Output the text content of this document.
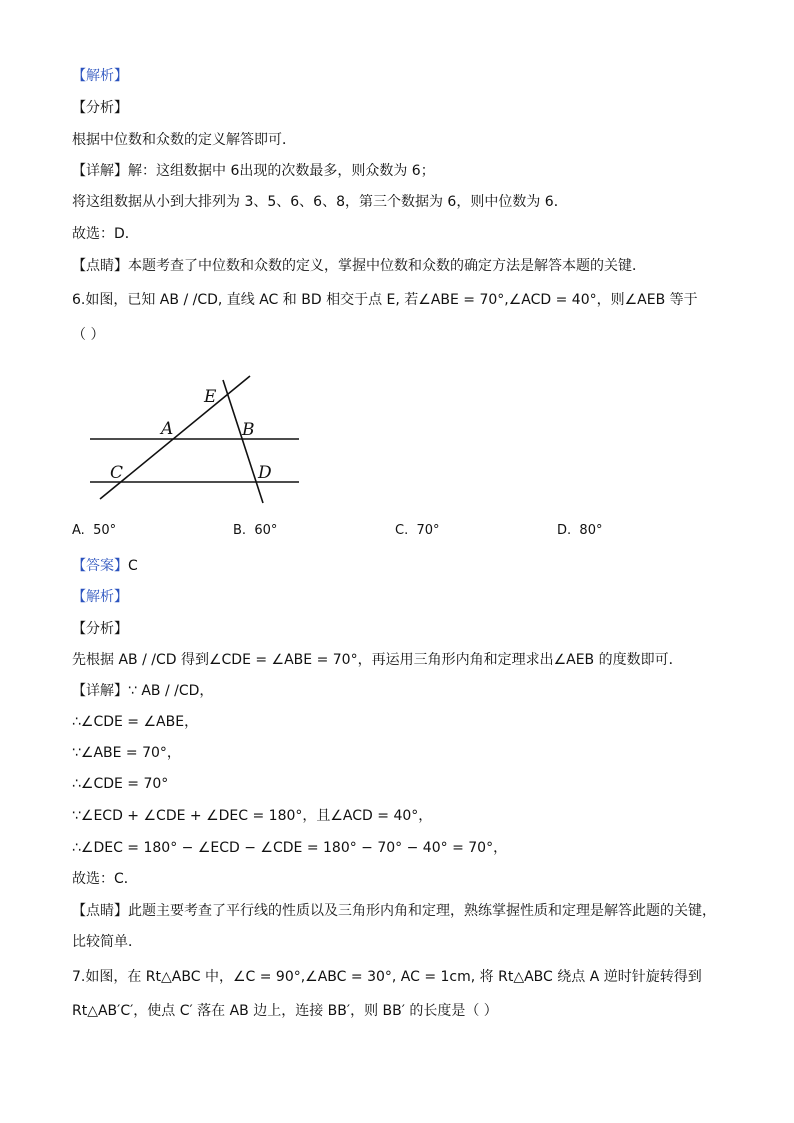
【解析】
【分析】
根据中位数和众数的定义解答即可．
【详解】解：这组数据中 6出现的次数最多，则众数为 6；
将这组数据从小到大排列为 3、5、6、6、8，第三个数据为 6，则中位数为 6．
故选：D．
【点睛】本题考查了中位数和众数的定义，掌握中位数和众数的确定方法是解答本题的关键．
6.如图，已知 AB / /CD, 直线 AC 和 BD 相交于点 E, 若∠ABE = 70°,∠ACD = 40°，则∠AEB 等于
（ ）
E
A	B
C	D
A. 50°	B. 60°	C. 70°	D. 80°
【答案】C
【解析】
【分析】
先根据 AB / /CD 得到∠CDE = ∠ABE = 70°，再运用三角形内角和定理求出∠AEB 的度数即可．
【详解】∵ AB / /CD，
∴∠CDE = ∠ABE，
∵∠ABE = 70°，
∴∠CDE = 70°
∵∠ECD + ∠CDE + ∠DEC = 180°，且∠ACD = 40°，
∴∠DEC = 180° − ∠ECD − ∠CDE = 180° − 70° − 40° = 70°，
故选：C．
【点睛】此题主要考查了平行线的性质以及三角形内角和定理，熟练掌握性质和定理是解答此题的关键，
比较简单．
7.如图，在 Rt△ABC 中，∠C = 90°,∠ABC = 30°, AC = 1cm, 将 Rt△ABC 绕点 A 逆时针旋转得到
Rt△AB′C′，使点 C′ 落在 AB 边上，连接 BB′，则 BB′ 的长度是（ ）
